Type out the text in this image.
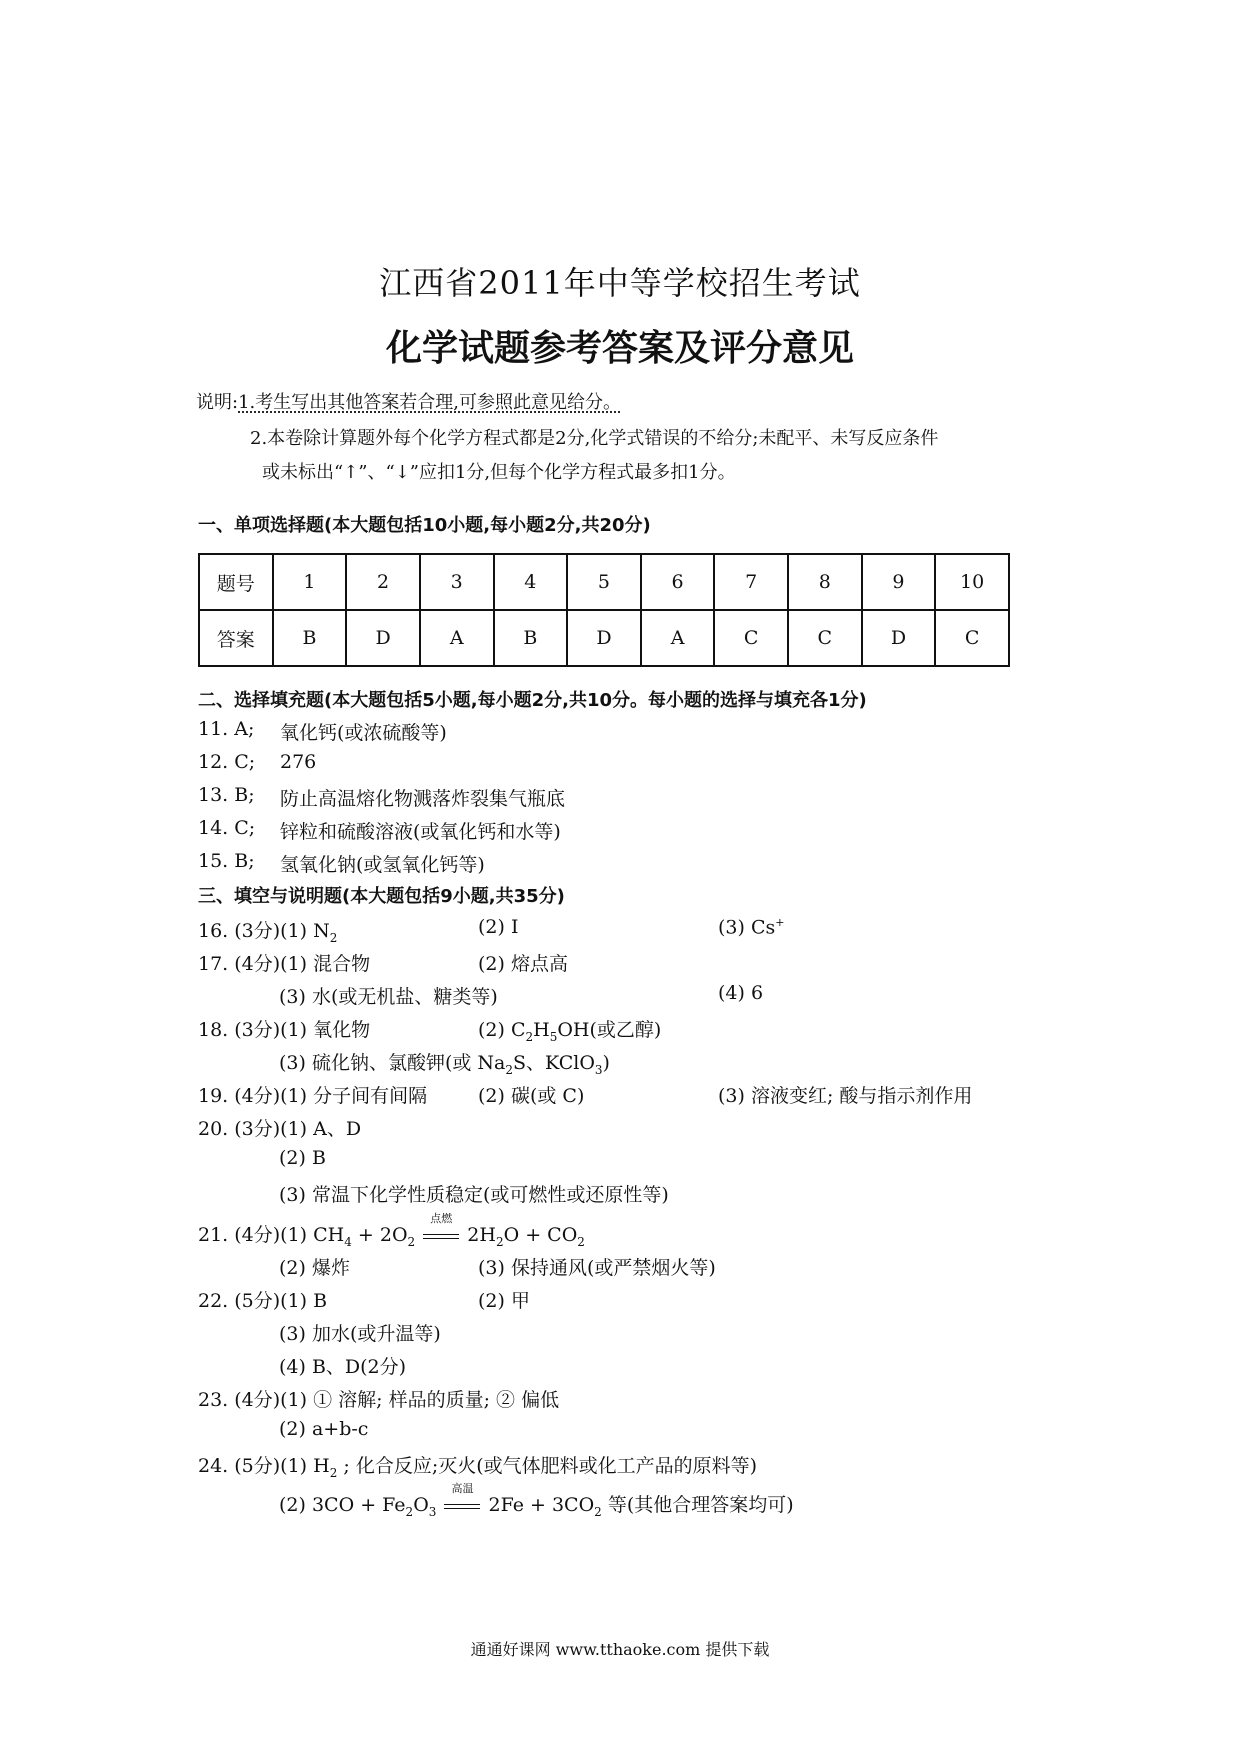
江西省2011年中等学校招生考试
化学试题参考答案及评分意见
说明:1.考生写出其他答案若合理,可参照此意见给分。
2.本卷除计算题外每个化学方程式都是2分,化学式错误的不给分;未配平、未写反应条件
或未标出“↑”、“↓”应扣1分,但每个化学方程式最多扣1分。
一、单项选择题(本大题包括10小题,每小题2分,共20分)
题号	1	2	3	4	5	6	7	8	9	10
答案	B	D	A	B	D	A	C	C	D	C
二、选择填充题(本大题包括5小题,每小题2分,共10分。每小题的选择与填充各1分)
11. A; 氧化钙(或浓硫酸等)
12. C; 276
13. B; 防止高温熔化物溅落炸裂集气瓶底
14. C; 锌粒和硫酸溶液(或氧化钙和水等)
15. B; 氢氧化钠(或氢氧化钙等)
三、填空与说明题(本大题包括9小题,共35分)
16. (3分)(1) $N_2$	(2) I	(3) Cs+
17. (4分)(1) 混合物	(2) 熔点高
(3) 水(或无机盐、糖类等)	(4) 6
18. (3分)(1) 氧化物	(2) $C_2H_5OH$(或乙醇)
(3) 硫化钠、氯酸钾(或 $Na_2S$、KClO$_3$)
19. (4分)(1) 分子间有间隔	(2) 碳(或 C)	(3) 溶液变红; 酸与指示剂作用
20. (3分)(1) A、D
(2) B
(3) 常温下化学性质稳定(或可燃性或还原性等)
21. (4分)(1) $CH_4 + 2O_2$
点燃
$2H_2O + CO_2$
(2) 爆炸	(3) 保持通风(或严禁烟火等)
22. (5分)(1) B	(2) 甲
(3) 加水(或升温等)
(4) B、D(2分)
23. (4分)(1) ① 溶解; 样品的质量; ② 偏低
(2) a+b-c
24. (5分)(1) $H_2$ ; 化合反应;灭火(或气体肥料或化工产品的原料等)
(2) $3CO + Fe_2O_3$
高温
$2Fe + 3CO_2$ 等(其他合理答案均可)
通通好课网 www.tthaoke.com 提供下载
